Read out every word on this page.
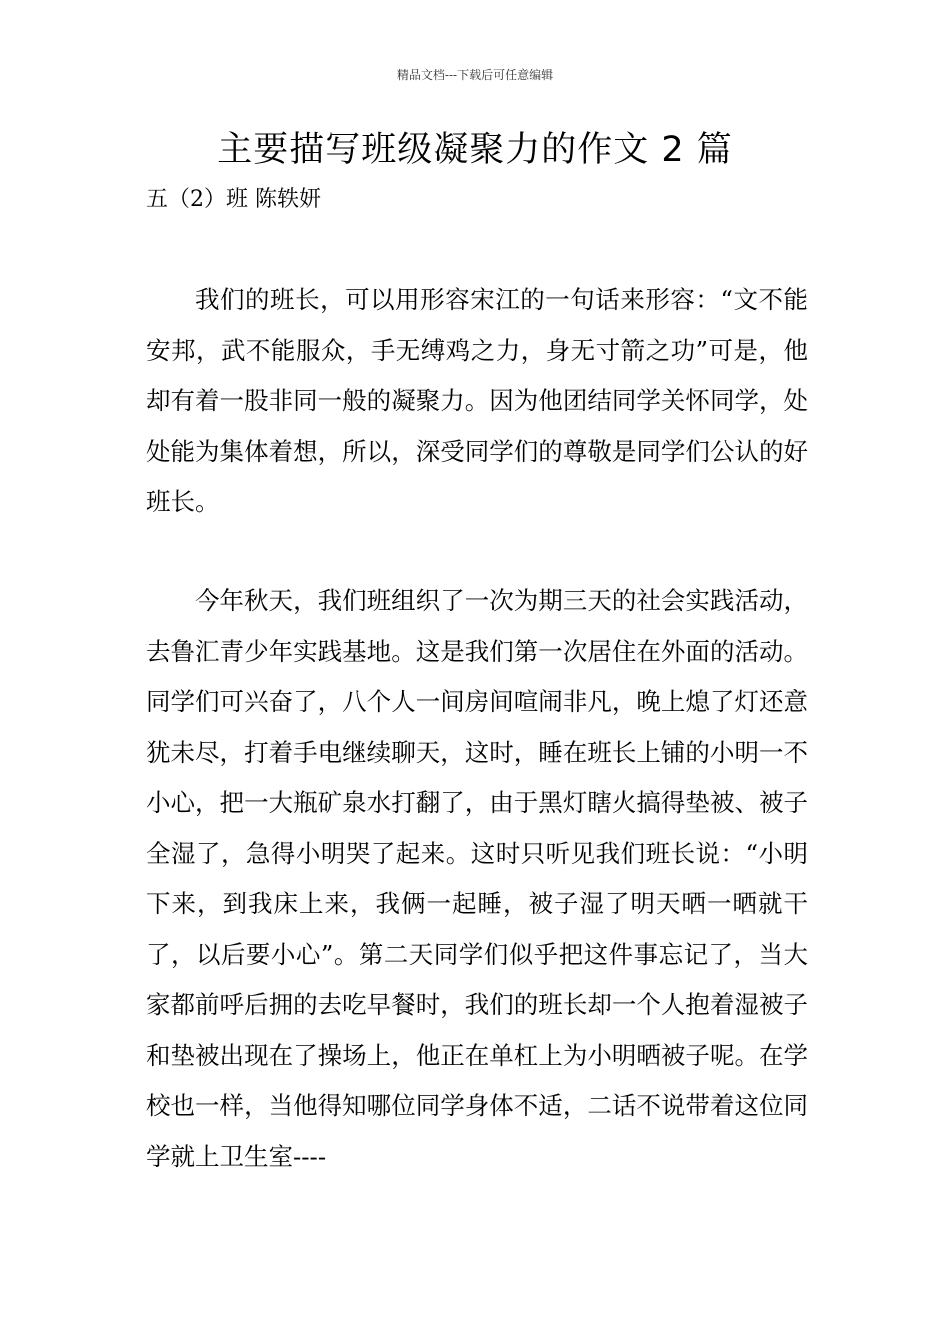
精品文档---下载后可任意编辑
主要描写班级凝聚力的作文 2 篇
五（2）班 陈轶妍

我们的班长，可以用形容宋江的一句话来形容：“文不能安邦，武不能服众，手无缚鸡之力，身无寸箭之功”可是，他却有着一股非同一般的凝聚力。因为他团结同学关怀同学，处处能为集体着想，所以，深受同学们的尊敬是同学们公认的好班长。

今年秋天，我们班组织了一次为期三天的社会实践活动，去鲁汇青少年实践基地。这是我们第一次居住在外面的活动。同学们可兴奋了，八个人一间房间喧闹非凡，晚上熄了灯还意犹未尽，打着手电继续聊天，这时，睡在班长上铺的小明一不小心，把一大瓶矿泉水打翻了，由于黑灯瞎火搞得垫被、被子全湿了，急得小明哭了起来。这时只听见我们班长说：“小明下来，到我床上来，我俩一起睡，被子湿了明天晒一晒就干了，以后要小心”。第二天同学们似乎把这件事忘记了，当大家都前呼后拥的去吃早餐时，我们的班长却一个人抱着湿被子和垫被出现在了操场上，他正在单杠上为小明晒被子呢。在学校也一样，当他得知哪位同学身体不适，二话不说带着这位同学就上卫生室----
